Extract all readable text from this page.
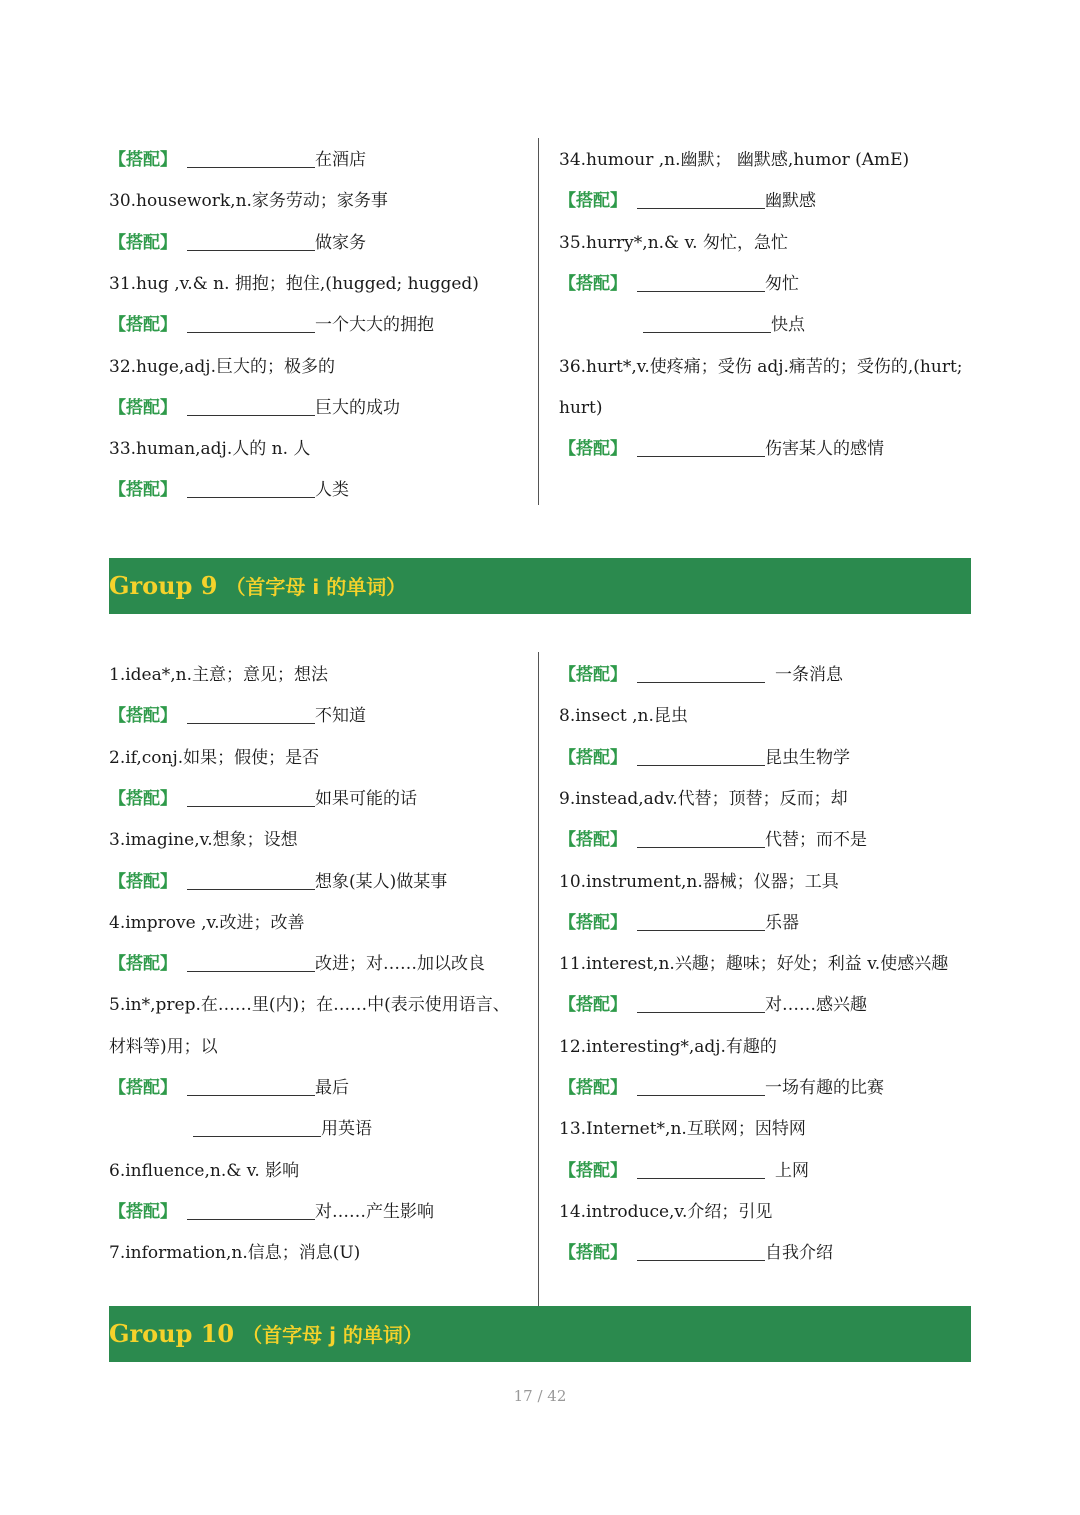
【搭配】	在酒店
30.housework,n.家务劳动；家务事
【搭配】	做家务
31.hug ,v.& n. 拥抱；抱住,(hugged; hugged)
【搭配】	一个大大的拥抱
32.huge,adj.巨大的；极多的
【搭配】	巨大的成功
33.human,adj.人的 n. 人
【搭配】	人类
34.humour ,n.幽默； 幽默感,humor (AmE)
【搭配】	幽默感
35.hurry*,n.& v. 匆忙，急忙
【搭配】	匆忙
快点
36.hurt*,v.使疼痛；受伤 adj.痛苦的；受伤的,(hurt;
hurt)
【搭配】	伤害某人的感情
Group 9 （首字母 i 的单词）
1.idea*,n.主意；意见；想法
【搭配】	不知道
2.if,conj.如果；假使；是否
【搭配】	如果可能的话
3.imagine,v.想象；设想
【搭配】	想象(某人)做某事
4.improve ,v.改进；改善
【搭配】	改进；对……加以改良
5.in*,prep.在……里(内)；在……中(表示使用语言、
材料等)用；以
【搭配】	最后
用英语
6.influence,n.& v. 影响
【搭配】	对……产生影响
7.information,n.信息；消息(U)
【搭配】	一条消息
8.insect ,n.昆虫
【搭配】	昆虫生物学
9.instead,adv.代替；顶替；反而；却
【搭配】	代替；而不是
10.instrument,n.器械；仪器；工具
【搭配】	乐器
11.interest,n.兴趣；趣味；好处；利益 v.使感兴趣
【搭配】	对……感兴趣
12.interesting*,adj.有趣的
【搭配】	一场有趣的比赛
13.Internet*,n.互联网；因特网
【搭配】	上网
14.introduce,v.介绍；引见
【搭配】	自我介绍
Group 10 （首字母 j 的单词）
17 / 42
